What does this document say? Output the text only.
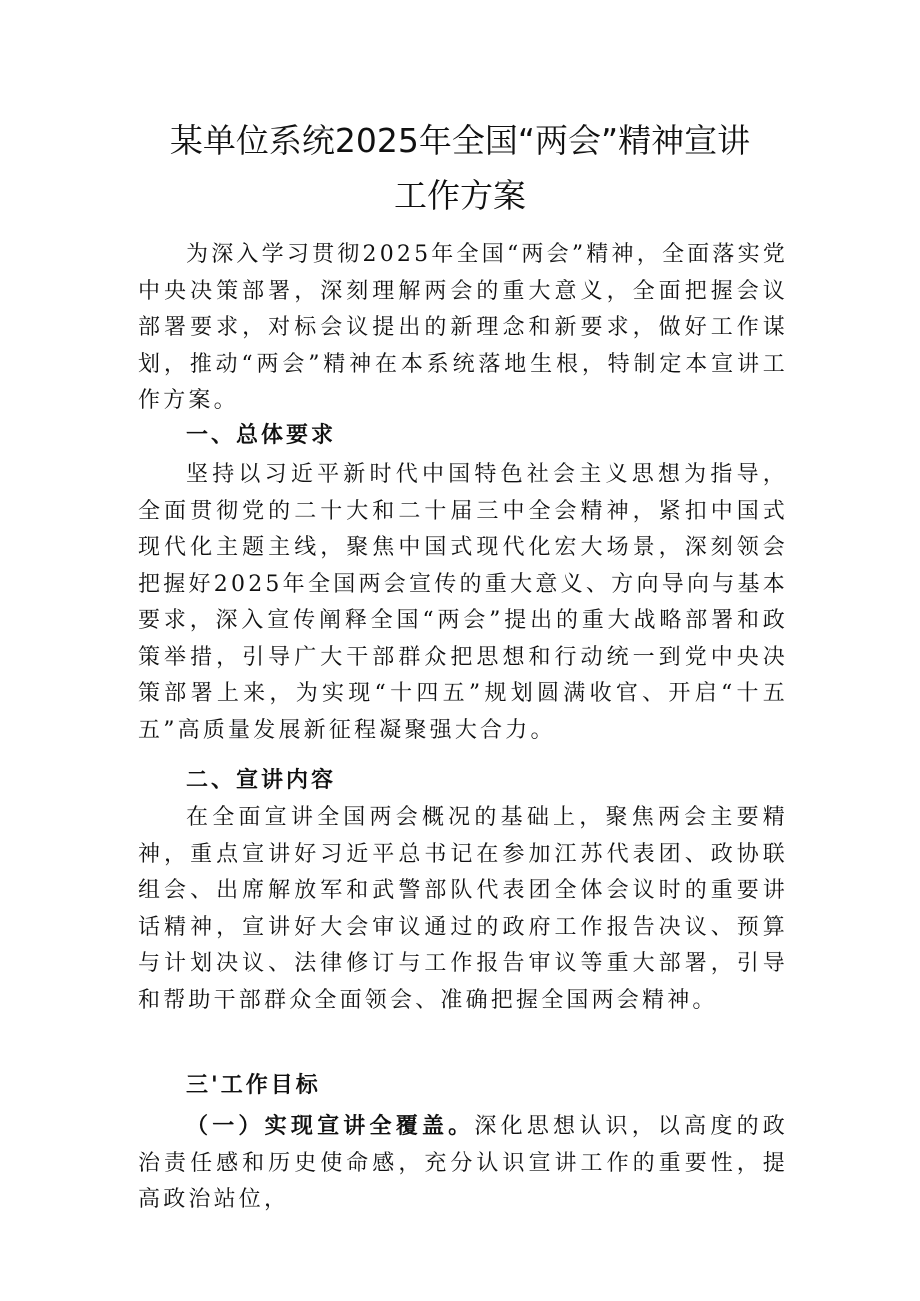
某单位系统2025年全国“两会”精神宣讲
工作方案

为深入学习贯彻2025年全国“两会”精神，全面落实党中央决策部署，深刻理解两会的重大意义，全面把握会议部署要求，对标会议提出的新理念和新要求，做好工作谋划，推动“两会”精神在本系统落地生根，特制定本宣讲工作方案。

一、总体要求

坚持以习近平新时代中国特色社会主义思想为指导，全面贯彻党的二十大和二十届三中全会精神，紧扣中国式现代化主题主线，聚焦中国式现代化宏大场景，深刻领会把握好2025年全国两会宣传的重大意义、方向导向与基本要求，深入宣传阐释全国“两会”提出的重大战略部署和政策举措，引导广大干部群众把思想和行动统一到党中央决策部署上来，为实现“十四五”规划圆满收官、开启“十五五”高质量发展新征程凝聚强大合力。

二、宣讲内容

在全面宣讲全国两会概况的基础上，聚焦两会主要精神，重点宣讲好习近平总书记在参加江苏代表团、政协联组会、出席解放军和武警部队代表团全体会议时的重要讲话精神，宣讲好大会审议通过的政府工作报告决议、预算与计划决议、法律修订与工作报告审议等重大部署，引导和帮助干部群众全面领会、准确把握全国两会精神。

三'工作目标

（一）实现宣讲全覆盖。深化思想认识，以高度的政治责任感和历史使命感，充分认识宣讲工作的重要性，提高政治站位，
